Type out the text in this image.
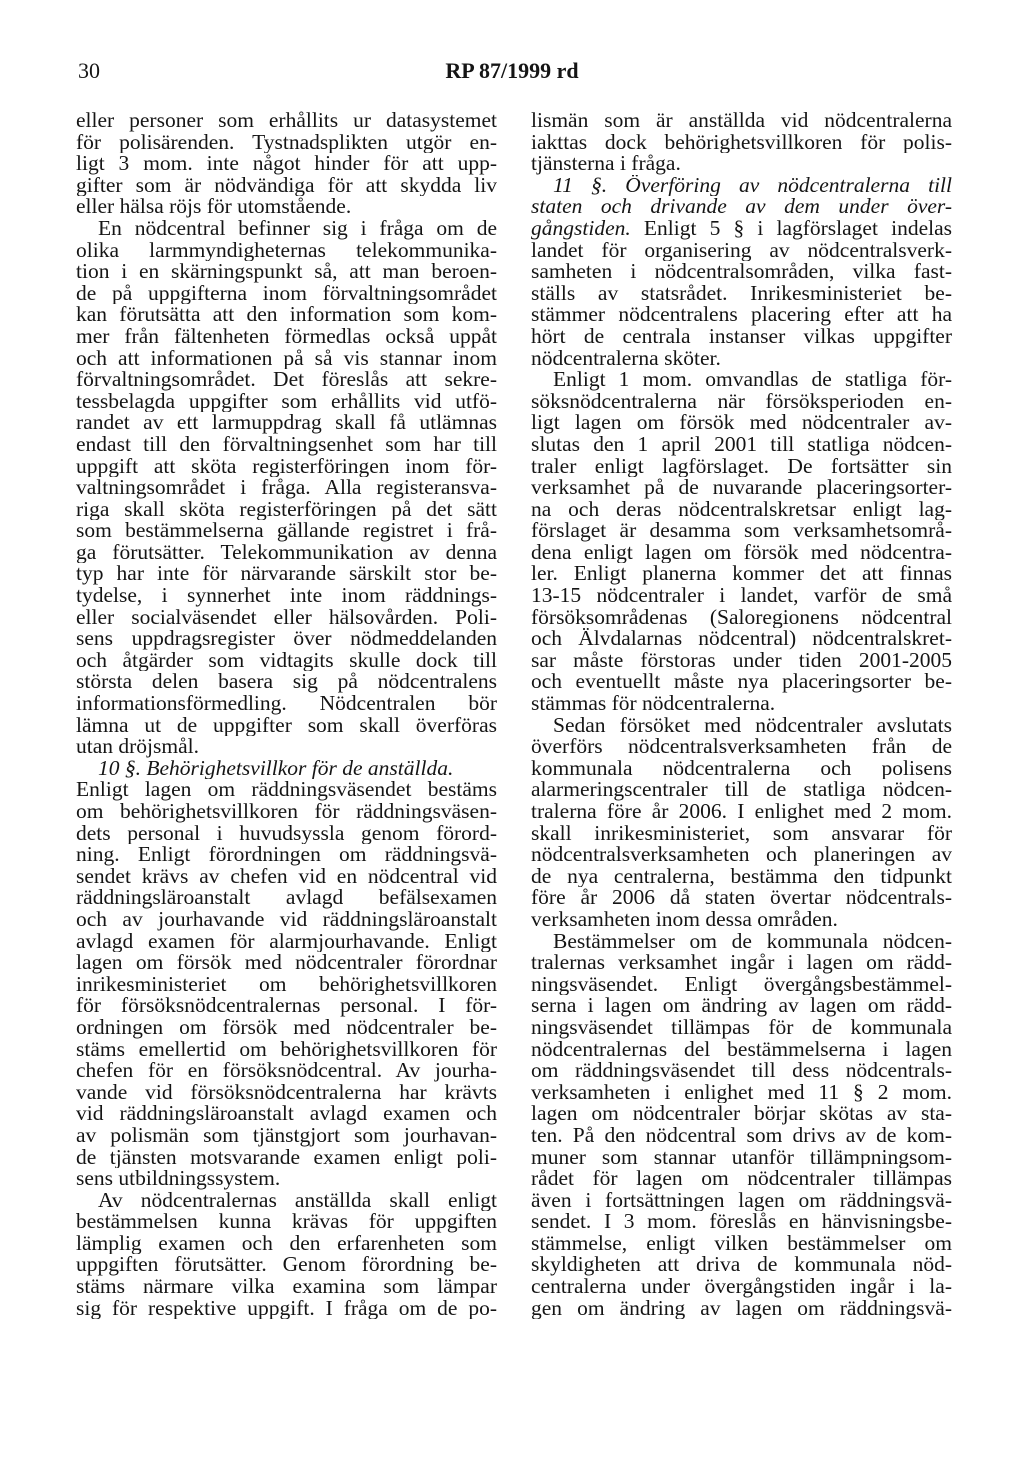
30	RP 87/1999 rd
eller personer som erhållits ur datasystemet
för polisärenden. Tystnadsplikten utgör en-
ligt 3 mom. inte något hinder för att upp-
gifter som är nödvändiga för att skydda liv
eller hälsa röjs för utomstående.
En nödcentral befinner sig i fråga om de
olika larmmyndigheternas telekommunika-
tion i en skärningspunkt så, att man beroen-
de på uppgifterna inom förvaltningsområdet
kan förutsätta att den information som kom-
mer från fältenheten förmedlas också uppåt
och att informationen på så vis stannar inom
förvaltningsområdet. Det föreslås att sekre-
tessbelagda uppgifter som erhållits vid utfö-
randet av ett larmuppdrag skall få utlämnas
endast till den förvaltningsenhet som har till
uppgift att sköta registerföringen inom för-
valtningsområdet i fråga. Alla registeransva-
riga skall sköta registerföringen på det sätt
som bestämmelserna gällande registret i frå-
ga förutsätter. Telekommunikation av denna
typ har inte för närvarande särskilt stor be-
tydelse, i synnerhet inte inom räddnings-
eller socialväsendet eller hälsovården. Poli-
sens uppdragsregister över nödmeddelanden
och åtgärder som vidtagits skulle dock till
största delen basera sig på nödcentralens
informationsförmedling. Nödcentralen bör
lämna ut de uppgifter som skall överföras
utan dröjsmål.
10 §. Behörighetsvillkor för de anställda.
Enligt lagen om räddningsväsendet bestäms
om behörighetsvillkoren för räddningsväsen-
dets personal i huvudsyssla genom förord-
ning. Enligt förordningen om räddningsvä-
sendet krävs av chefen vid en nödcentral vid
räddningsläroanstalt avlagd befälsexamen
och av jourhavande vid räddningsläroanstalt
avlagd examen för alarmjourhavande. Enligt
lagen om försök med nödcentraler förordnar
inrikesministeriet om behörighetsvillkoren
för försöksnödcentralernas personal. I för-
ordningen om försök med nödcentraler be-
stäms emellertid om behörighetsvillkoren för
chefen för en försöksnödcentral. Av jourha-
vande vid försöksnödcentralerna har krävts
vid räddningsläroanstalt avlagd examen och
av polismän som tjänstgjort som jourhavan-
de tjänsten motsvarande examen enligt poli-
sens utbildningssystem.
Av nödcentralernas anställda skall enligt
bestämmelsen kunna krävas för uppgiften
lämplig examen och den erfarenheten som
uppgiften förutsätter. Genom förordning be-
stäms närmare vilka examina som lämpar
sig för respektive uppgift. I fråga om de po-
lismän som är anställda vid nödcentralerna
iakttas dock behörighetsvillkoren för polis-
tjänsterna i fråga.
11 §. Överföring av nödcentralerna till
staten och drivande av dem under över-
gångstiden. Enligt 5 § i lagförslaget indelas
landet för organisering av nödcentralsverk-
samheten i nödcentralsområden, vilka fast-
ställs av statsrådet. Inrikesministeriet be-
stämmer nödcentralens placering efter att ha
hört de centrala instanser vilkas uppgifter
nödcentralerna sköter.
Enligt 1 mom. omvandlas de statliga för-
söksnödcentralerna när försöksperioden en-
ligt lagen om försök med nödcentraler av-
slutas den 1 april 2001 till statliga nödcen-
traler enligt lagförslaget. De fortsätter sin
verksamhet på de nuvarande placeringsorter-
na och deras nödcentralskretsar enligt lag-
förslaget är desamma som verksamhetsområ-
dena enligt lagen om försök med nödcentra-
ler. Enligt planerna kommer det att finnas
13-15 nödcentraler i landet, varför de små
försöksområdenas (Saloregionens nödcentral
och Älvdalarnas nödcentral) nödcentralskret-
sar måste förstoras under tiden 2001-2005
och eventuellt måste nya placeringsorter be-
stämmas för nödcentralerna.
Sedan försöket med nödcentraler avslutats
överförs nödcentralsverksamheten från de
kommunala nödcentralerna och polisens
alarmeringscentraler till de statliga nödcen-
tralerna före år 2006. I enlighet med 2 mom.
skall inrikesministeriet, som ansvarar för
nödcentralsverksamheten och planeringen av
de nya centralerna, bestämma den tidpunkt
före år 2006 då staten övertar nödcentrals-
verksamheten inom dessa områden.
Bestämmelser om de kommunala nödcen-
tralernas verksamhet ingår i lagen om rädd-
ningsväsendet. Enligt övergångsbestämmel-
serna i lagen om ändring av lagen om rädd-
ningsväsendet tillämpas för de kommunala
nödcentralernas del bestämmelserna i lagen
om räddningsväsendet till dess nödcentrals-
verksamheten i enlighet med 11 § 2 mom.
lagen om nödcentraler börjar skötas av sta-
ten. På den nödcentral som drivs av de kom-
muner som stannar utanför tillämpningsom-
rådet för lagen om nödcentraler tillämpas
även i fortsättningen lagen om räddningsvä-
sendet. I 3 mom. föreslås en hänvisningsbe-
stämmelse, enligt vilken bestämmelser om
skyldigheten att driva de kommunala nöd-
centralerna under övergångstiden ingår i la-
gen om ändring av lagen om räddningsvä-
